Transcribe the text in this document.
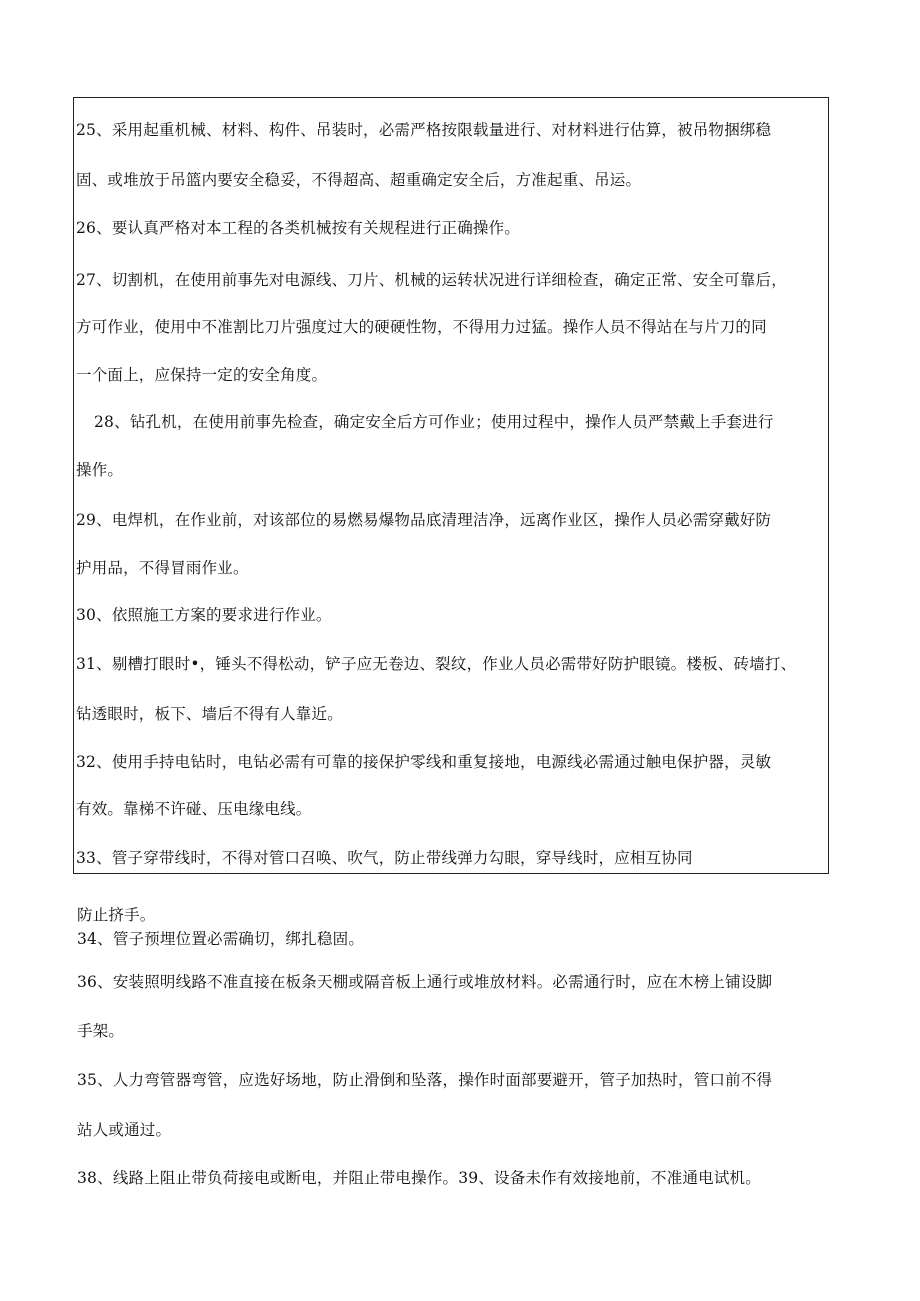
25、采用起重机械、材料、构件、吊装时，必需严格按限载量进行、对材料进行估算，被吊物捆绑稳
固、或堆放于吊篮内要安全稳妥，不得超高、超重确定安全后，方准起重、吊运。
26、要认真严格对本工程的各类机械按有关规程进行正确操作。
27、切割机，在使用前事先对电源线、刀片、机械的运转状况进行详细检查，确定正常、安全可靠后，
方可作业，使用中不准割比刀片强度过大的硬硬性物，不得用力过猛。操作人员不得站在与片刀的同
一个面上，应保持一定的安全角度。
28、钻孔机，在使用前事先检查，确定安全后方可作业；使用过程中，操作人员严禁戴上手套进行
操作。
29、电焊机，在作业前，对该部位的易燃易爆物品底清理洁净，远离作业区，操作人员必需穿戴好防
护用品，不得冒雨作业。
30、依照施工方案的要求进行作业。
31、剔槽打眼时•，锤头不得松动，铲子应无卷边、裂纹，作业人员必需带好防护眼镜。楼板、砖墙打、
钻透眼时，板下、墙后不得有人靠近。
32、使用手持电钻时，电钻必需有可靠的接保护零线和重复接地，电源线必需通过触电保护器，灵敏
有效。靠梯不许碰、压电缘电线。
33、管子穿带线时，不得对管口召唤、吹气，防止带线弹力勾眼，穿导线时，应相互协同
防止挤手。
34、管子预埋位置必需确切，绑扎稳固。
36、安装照明线路不准直接在板条天棚或隔音板上通行或堆放材料。必需通行时，应在木榜上铺设脚
手架。
35、人力弯管器弯管，应选好场地，防止滑倒和坠落，操作时面部要避开，管子加热时，管口前不得
站人或通过。
38、线路上阻止带负荷接电或断电，并阻止带电操作。39、设备未作有效接地前，不准通电试机。
